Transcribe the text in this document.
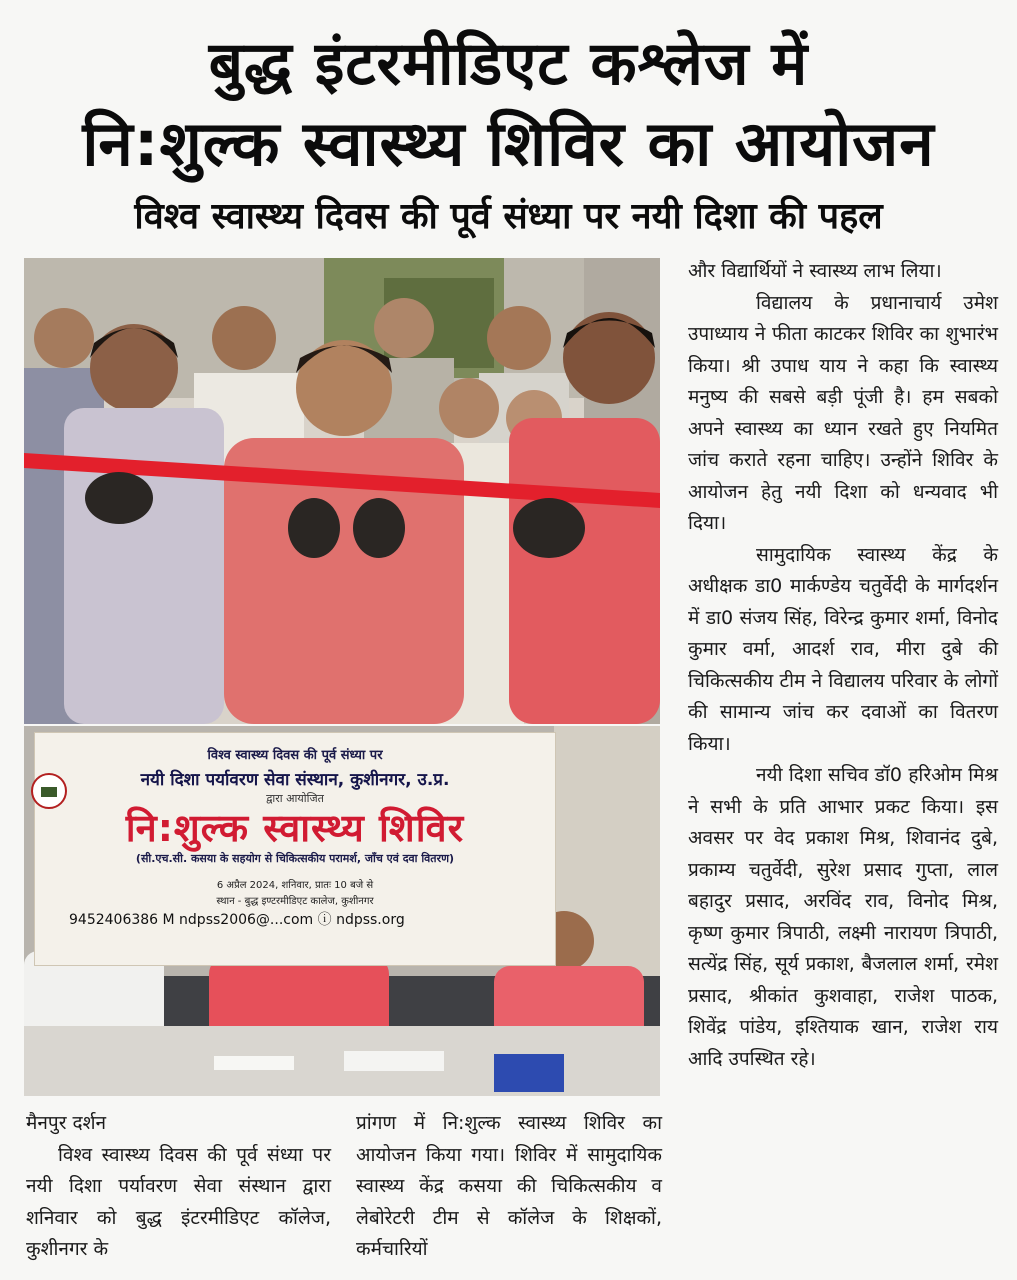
बुद्ध इंटरमीडिएट कश्लेज में
नि:शुल्क स्वास्थ्य शिविर का आयोजन
विश्व स्वास्थ्य दिवस की पूर्व संध्या पर नयी दिशा की पहल
विश्व स्वास्थ्य दिवस की पूर्व संध्या पर
नयी दिशा पर्यावरण सेवा संस्थान, कुशीनगर, उ.प्र.
द्वारा आयोजित
नि:शुल्क स्वास्थ्य शिविर
(सी.एच.सी. कसया के सहयोग से चिकित्सकीय परामर्श, जाँच एवं दवा वितरण)
6 अप्रैल 2024, शनिवार, प्रातः 10 बजे से
स्थान - बुद्ध इण्टरमीडिएट कालेज, कुशीनगर
9452406386 M ndpss2006@...com ⓘ ndpss.org

और विद्यार्थियों ने स्वास्थ्य लाभ लिया।

विद्यालय के प्रधानाचार्य उमेश उपाध्याय ने फीता काटकर शिविर का शुभारंभ किया। श्री उपाध याय ने कहा कि स्वास्थ्य मनुष्य की सबसे बड़ी पूंजी है। हम सबको अपने स्वास्थ्य का ध्यान रखते हुए नियमित जांच कराते रहना चाहिए। उन्होंने शिविर के आयोजन हेतु नयी दिशा को धन्यवाद भी दिया।

सामुदायिक स्वास्थ्य केंद्र के अधीक्षक डा0 मार्कण्डेय चतुर्वेदी के मार्गदर्शन में डा0 संजय सिंह, विरेन्द्र कुमार शर्मा, विनोद कुमार वर्मा, आदर्श राव, मीरा दुबे की चिकित्सकीय टीम ने विद्यालय परिवार के लोगों की सामान्य जांच कर दवाओं का वितरण किया।

नयी दिशा सचिव डॉ0 हरिओम मिश्र ने सभी के प्रति आभार प्रकट किया। इस अवसर पर वेद प्रकाश मिश्र, शिवानंद दुबे, प्रकाम्य चतुर्वेदी, सुरेश प्रसाद गुप्ता, लाल बहादुर प्रसाद, अरविंद राव, विनोद मिश्र, कृष्ण कुमार त्रिपाठी, लक्ष्मी नारायण त्रिपाठी, सत्येंद्र सिंह, सूर्य प्रकाश, बैजलाल शर्मा, रमेश प्रसाद, श्रीकांत कुशवाहा, राजेश पाठक, शिवेंद्र पांडेय, इश्तियाक खान, राजेश राय आदि उपस्थित रहे।

मैनपुर दर्शन

विश्व स्वास्थ्य दिवस की पूर्व संध्या पर नयी दिशा पर्यावरण सेवा संस्थान द्वारा शनिवार को बुद्ध इंटरमीडिएट कॉलेज, कुशीनगर के

प्रांगण में नि:शुल्क स्वास्थ्य शिविर का आयोजन किया गया। शिविर में सामुदायिक स्वास्थ्य केंद्र कसया की चिकित्सकीय व लेबोरेटरी टीम से कॉलेज के शिक्षकों, कर्मचारियों
